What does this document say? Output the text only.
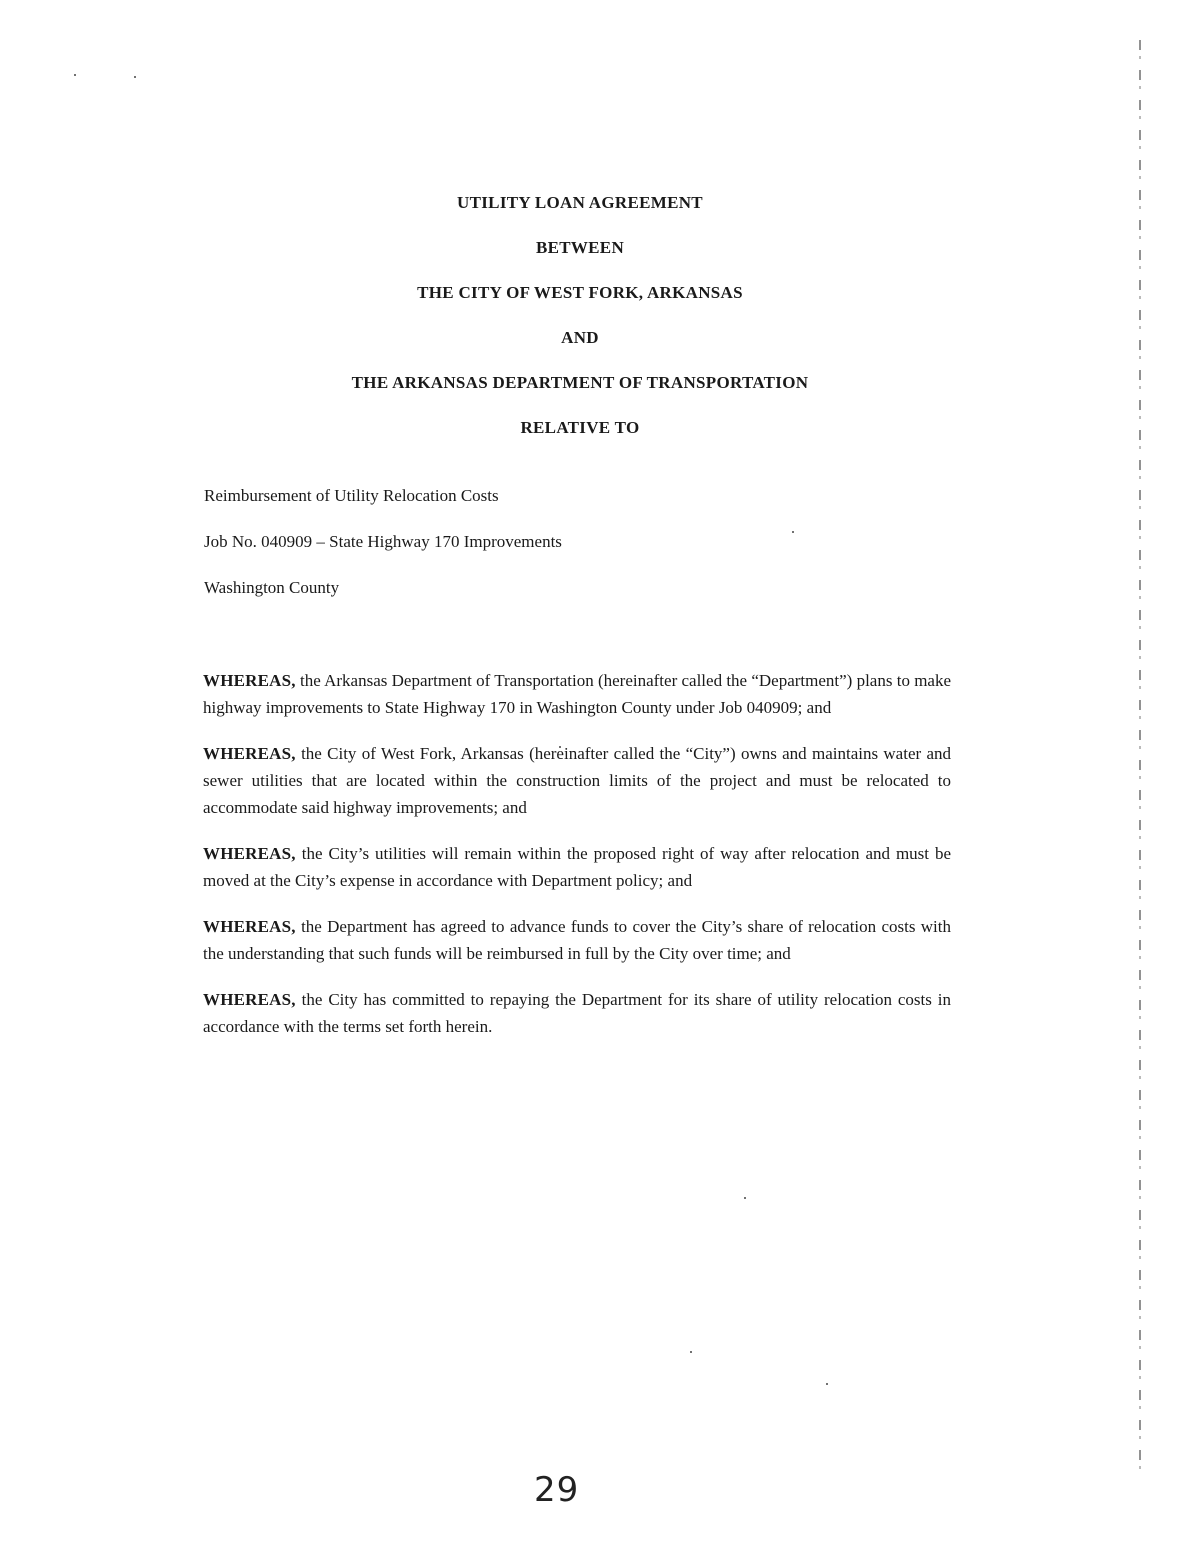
UTILITY LOAN AGREEMENT
BETWEEN
THE CITY OF WEST FORK, ARKANSAS
AND
THE ARKANSAS DEPARTMENT OF TRANSPORTATION
RELATIVE TO
Reimbursement of Utility Relocation Costs
Job No. 040909 – State Highway 170 Improvements
Washington County

WHEREAS, the Arkansas Department of Transportation (hereinafter called the “Department”) plans to make highway improvements to State Highway 170 in Washington County under Job 040909; and

WHEREAS, the City of West Fork, Arkansas (hereinafter called the “City”) owns and maintains water and sewer utilities that are located within the construction limits of the project and must be relocated to accommodate said highway improvements; and

WHEREAS, the City’s utilities will remain within the proposed right of way after relocation and must be moved at the City’s expense in accordance with Department policy; and

WHEREAS, the Department has agreed to advance funds to cover the City’s share of relocation costs with the understanding that such funds will be reimbursed in full by the City over time; and

WHEREAS, the City has committed to repaying the Department for its share of utility relocation costs in accordance with the terms set forth herein.

29
